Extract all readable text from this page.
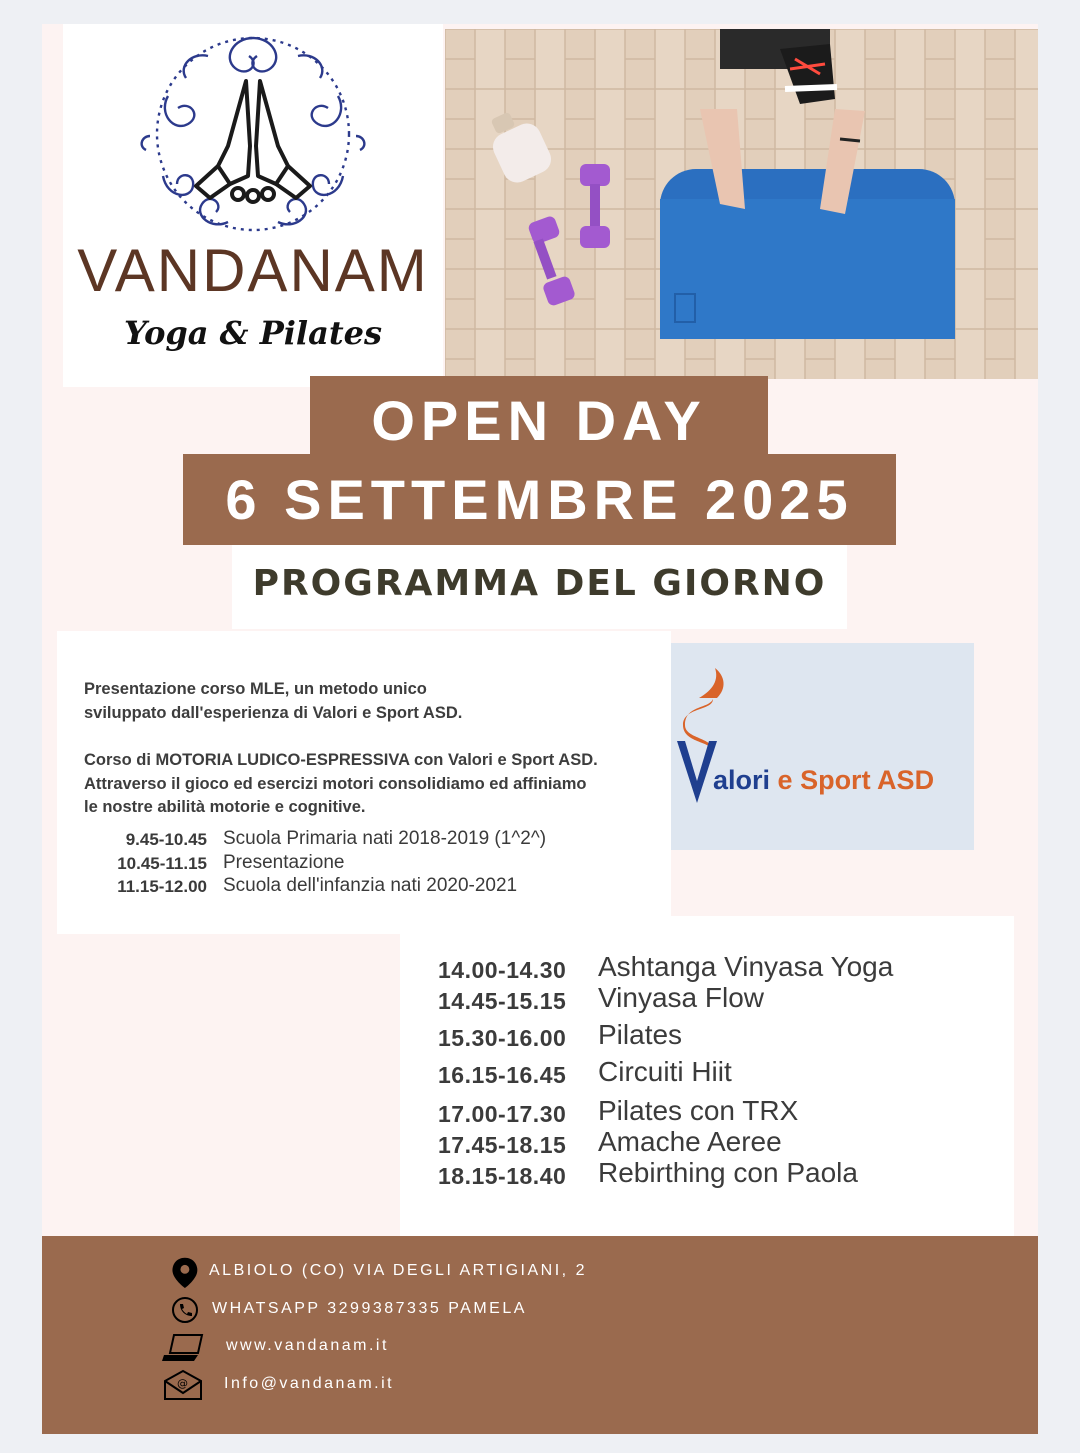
VANDANAM
Yoga & Pilates
OPEN DAY
6 SETTEMBRE 2025
PROGRAMMA DEL GIORNO
Presentazione corso MLE, un metodo unico
sviluppato dall'esperienza di Valori e Sport ASD.
Corso di MOTORIA LUDICO-ESPRESSIVA con Valori e Sport ASD.
Attraverso il gioco ed esercizi motori consolidiamo ed affiniamo
le nostre abilità motorie e cognitive.
9.45-10.45 Scuola Primaria nati 2018-2019 (1^2^)
10.45-11.15 Presentazione
11.15-12.00 Scuola dell'infanzia nati 2020-2021
alori e Sport ASD
14.00-14.30 Ashtanga Vinyasa Yoga
14.45-15.15 Vinyasa Flow
15.30-16.00 Pilates
16.15-16.45 Circuiti Hiit
17.00-17.30 Pilates con TRX
17.45-18.15 Amache Aeree
18.15-18.40 Rebirthing con Paola
ALBIOLO (CO) VIA DEGLI ARTIGIANI, 2
WHATSAPP 3299387335 PAMELA
www.vandanam.it
@ Info@vandanam.it
